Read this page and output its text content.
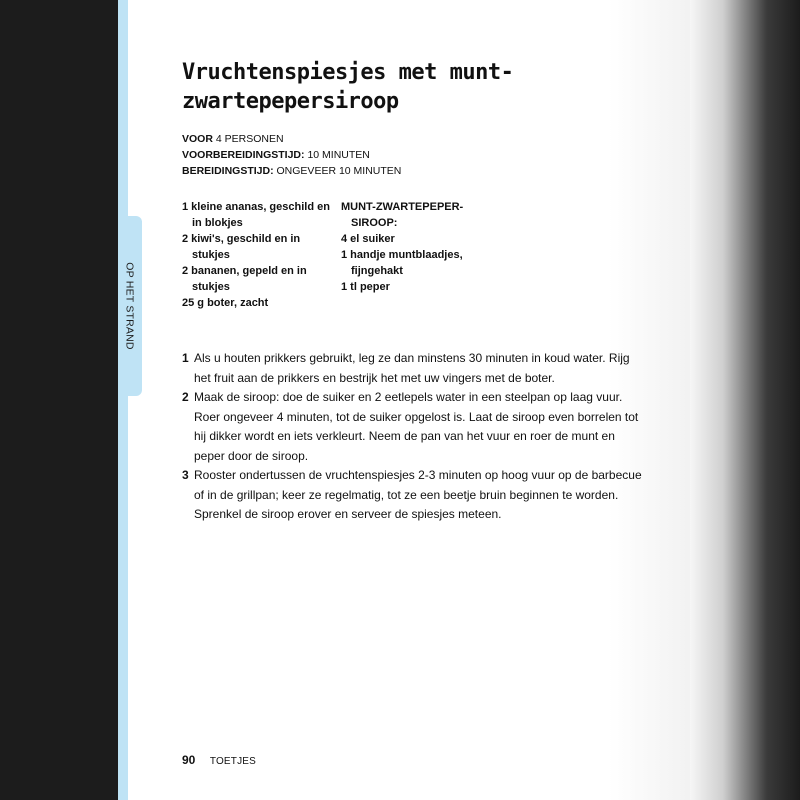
OP HET STRAND
Vruchtenspiesjes met munt-zwartepepersiroop
VOOR 4 PERSONEN
VOORBEREIDINGSTIJD: 10 MINUTEN
BEREIDINGSTIJD: ONGEVEER 10 MINUTEN
1 kleine ananas, geschild en in blokjes
2 kiwi's, geschild en in stukjes
2 bananen, gepeld en in stukjes
25 g boter, zacht
MUNT-ZWARTEPEPER-SIROOP:
4 el suiker
1 handje muntblaadjes, fijngehakt
1 tl peper
1 Als u houten prikkers gebruikt, leg ze dan minstens 30 minuten in koud water. Rijg het fruit aan de prikkers en bestrijk het met uw vingers met de boter.
2 Maak de siroop: doe de suiker en 2 eetlepels water in een steelpan op laag vuur. Roer ongeveer 4 minuten, tot de suiker opgelost is. Laat de siroop even borrelen tot hij dikker wordt en iets verkleurt. Neem de pan van het vuur en roer de munt en peper door de siroop.
3 Rooster ondertussen de vruchtenspiesjes 2-3 minuten op hoog vuur op de barbecue of in de grillpan; keer ze regelmatig, tot ze een beetje bruin beginnen te worden. Sprenkel de siroop erover en serveer de spiesjes meteen.
90 TOETJES
